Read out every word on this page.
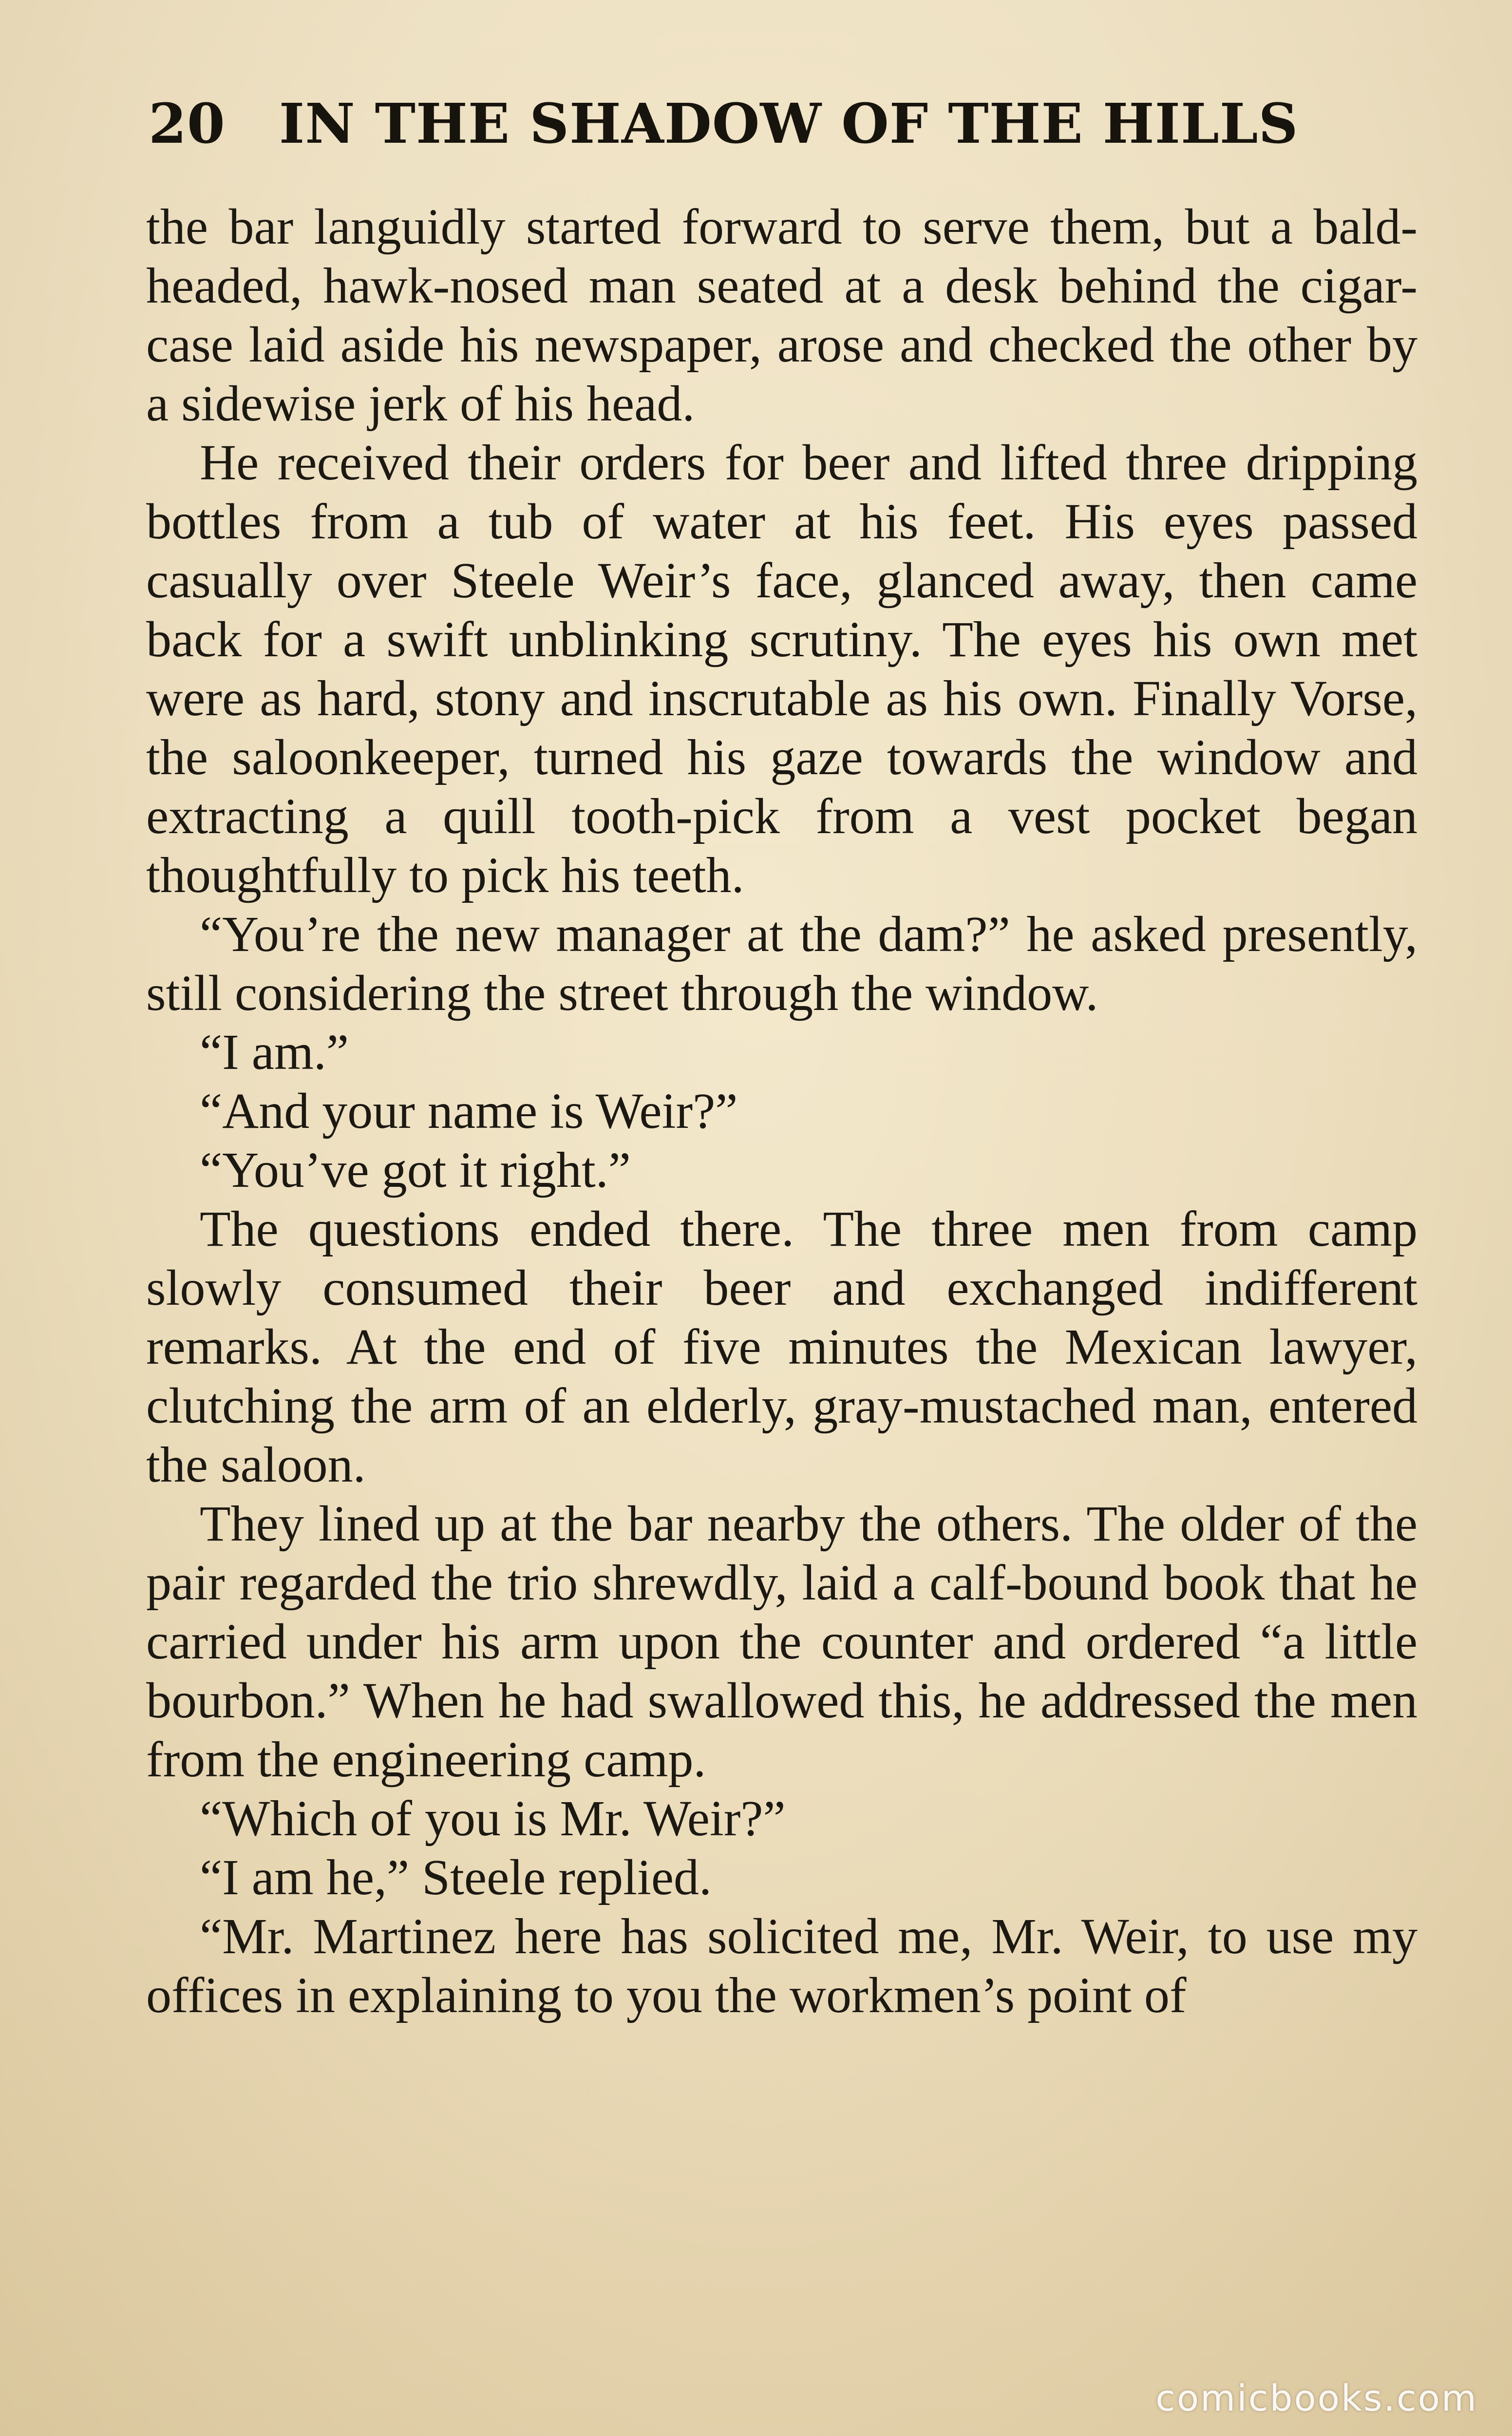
20 IN THE SHADOW OF THE HILLS

the bar languidly started forward to serve them, but a bald-headed, hawk-nosed man seated at a desk behind the cigar-case laid aside his newspaper, arose and checked the other by a sidewise jerk of his head.

He received their orders for beer and lifted three dripping bottles from a tub of water at his feet. His eyes passed casually over Steele Weir’s face, glanced away, then came back for a swift unblinking scrutiny. The eyes his own met were as hard, stony and inscrutable as his own. Finally Vorse, the saloonkeeper, turned his gaze towards the window and extracting a quill tooth-pick from a vest pocket began thoughtfully to pick his teeth.

“You’re the new manager at the dam?” he asked presently, still considering the street through the window.

“I am.”

“And your name is Weir?”

“You’ve got it right.”

The questions ended there. The three men from camp slowly consumed their beer and exchanged indifferent remarks. At the end of five minutes the Mexican lawyer, clutching the arm of an elderly, gray-mustached man, entered the saloon.

They lined up at the bar nearby the others. The older of the pair regarded the trio shrewdly, laid a calf-bound book that he carried under his arm upon the counter and ordered “a little bourbon.” When he had swallowed this, he addressed the men from the engineering camp.

“Which of you is Mr. Weir?”

“I am he,” Steele replied.

“Mr. Martinez here has solicited me, Mr. Weir, to use my offices in explaining to you the workmen’s point of

comicbooks.com
